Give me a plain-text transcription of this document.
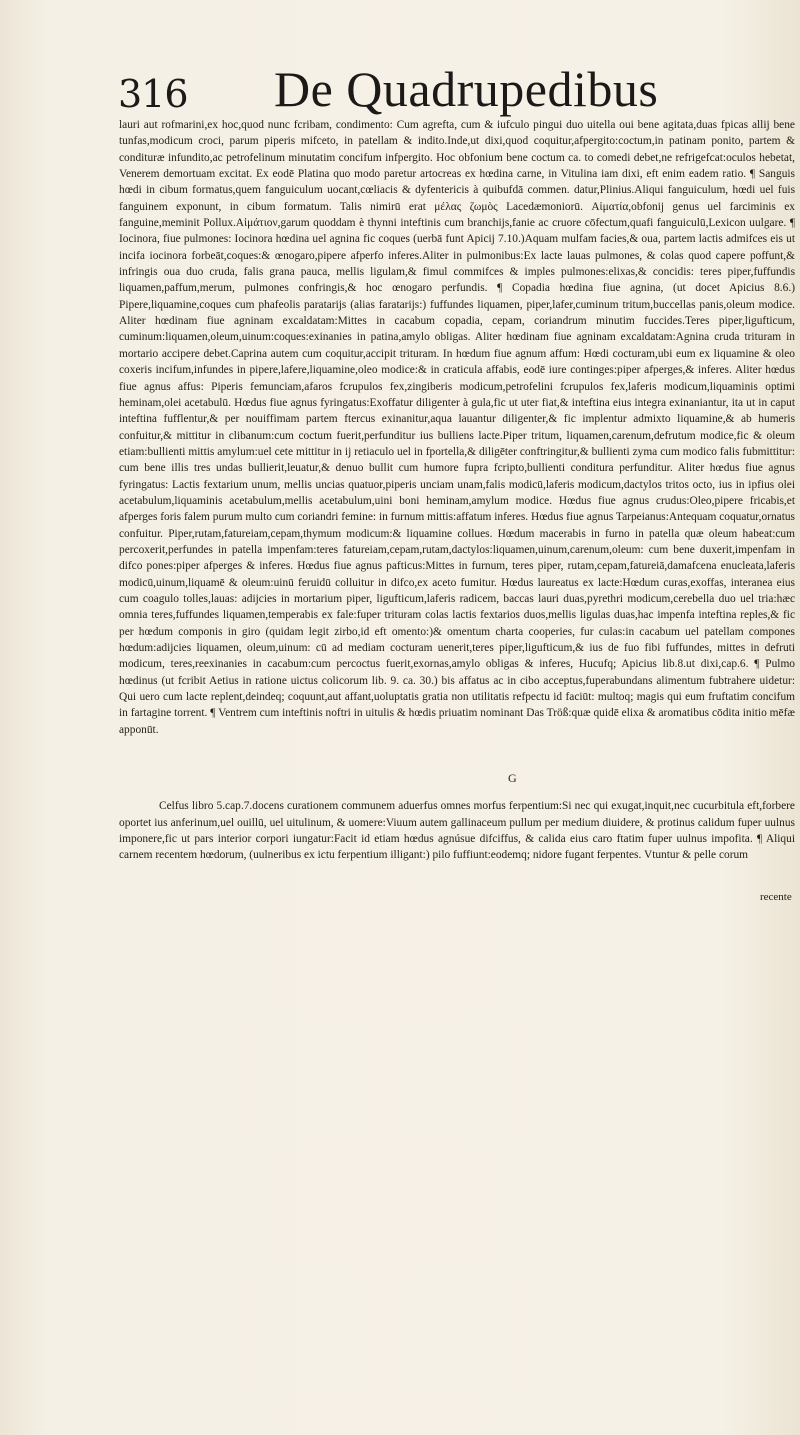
316 De Quadrupedibus

lauri aut rofmarini,ex hoc,quod nunc fcribam, condimento: Cum agrefta, cum & iufculo pingui duo uitella oui bene agitata,duas fpicas allij bene tunfas,modicum croci, parum piperis mifceto, in patellam & indito.Inde,ut dixi,quod coquitur,afpergito:coctum,in patinam ponito, partem & condituræ infundito,ac petrofelinum minutatim concifum infpergito. Hoc obfonium bene coctum ca. to comedi debet,ne refrigefcat:oculos hebetat, Venerem demortuam excitat. Ex eodē Platina quo modo paretur artocreas ex hœdina carne, in Vitulina iam dixi, eft enim eadem ratio. ¶ Sanguis hœdi in cibum formatus,quem fanguiculum uocant,cœliacis & dyfentericis à quibufdā commen. datur,Plinius.Aliqui fanguiculum, hœdi uel fuis fanguinem exponunt, in cibum formatum. Talis nimirū erat μέλας ζωμὸς Lacedæmoniorū. Αἱματία,obfonij genus uel farciminis ex fanguine,meminit Pollux.Αἱμάτιον,garum quoddam è thynni inteftinis cum branchijs,fanie ac cruore cōfectum,quafi fanguiculū,Lexicon uulgare. ¶ Iocinora, fiue pulmones: Iocinora hœdina uel agnina fic coques (uerbā funt Apicij 7.10.)Aquam mulfam facies,& oua, partem lactis admifces eis ut incifa iocinora forbeāt,coques:& œnogaro,pipere afperfo inferes.Aliter in pulmonibus:Ex lacte lauas pulmones, & colas quod capere poffunt,& infringis oua duo cruda, falis grana pauca, mellis ligulam,& fimul commifces & imples pulmones:elixas,& concidis: teres piper,fuffundis liquamen,paffum,merum, pulmones confringis,& hoc œnogaro perfundis. ¶ Copadia hœdina fiue agnina, (ut docet Apicius 8.6.) Pipere,liquamine,coques cum phafeolis paratarijs (alias faratarijs:) fuffundes liquamen, piper,lafer,cuminum tritum,buccellas panis,oleum modice. Aliter hœdinam fiue agninam excaldatam:Mittes in cacabum copadia, cepam, coriandrum minutim fuccides.Teres piper,ligufticum, cuminum:liquamen,oleum,uinum:coques:exinanies in patina,amylo obligas. Aliter hœdinam fiue agninam excaldatam:Agnina cruda trituram in mortario accipere debet.Caprina autem cum coquitur,accipit trituram. In hœdum fiue agnum affum: Hœdi cocturam,ubi eum ex liquamine & oleo coxeris incifum,infundes in pipere,lafere,liquamine,oleo modice:& in craticula affabis, eodē iure continges:piper afperges,& inferes. Aliter hœdus fiue agnus affus: Piperis femunciam,afaros fcrupulos fex,zingiberis modicum,petrofelini fcrupulos fex,laferis modicum,liquaminis optimi heminam,olei acetabulū. Hœdus fiue agnus fyringatus:Exoffatur diligenter à gula,fic ut uter fiat,& inteftina eius integra exinaniantur, ita ut in caput inteftina fufflentur,& per nouiffimam partem ftercus exinanitur,aqua lauantur diligenter,& fic implentur admixto liquamine,& ab humeris confuitur,& mittitur in clibanum:cum coctum fuerit,perfunditur ius bulliens lacte.Piper tritum, liquamen,carenum,defrutum modice,fic & oleum etiam:bullienti mittis amylum:uel cete mittitur in ij retiaculo uel in fportella,& diligēter conftringitur,& bullienti zyma cum modico falis fubmittitur: cum bene illis tres undas bullierit,leuatur,& denuo bullit cum humore fupra fcripto,bullienti conditura perfunditur. Aliter hœdus fiue agnus fyringatus: Lactis fextarium unum, mellis uncias quatuor,piperis unciam unam,falis modicū,laferis modicum,dactylos tritos octo, ius in ipfius olei acetabulum,liquaminis acetabulum,mellis acetabulum,uini boni heminam,amylum modice. Hœdus fiue agnus crudus:Oleo,pipere fricabis,et afperges foris falem purum multo cum coriandri femine: in furnum mittis:affatum inferes. Hœdus fiue agnus Tarpeianus:Antequam coquatur,ornatus confuitur. Piper,rutam,fatureiam,cepam,thymum modicum:& liquamine collues. Hœdum macerabis in furno in patella quæ oleum habeat:cum percoxerit,perfundes in patella impenfam:teres fatureiam,cepam,rutam,dactylos:liquamen,uinum,carenum,oleum: cum bene duxerit,impenfam in difco pones:piper afperges & inferes. Hœdus fiue agnus pafticus:Mittes in furnum, teres piper, rutam,cepam,fatureiā,damafcena enucleata,laferis modicū,uinum,liquamē & oleum:uinū feruidū colluitur in difco,ex aceto fumitur. Hœdus laureatus ex lacte:Hœdum curas,exoffas, interanea eius cum coagulo tolles,lauas: adijcies in mortarium piper, ligufticum,laferis radicem, baccas lauri duas,pyrethri modicum,cerebella duo uel tria:hæc omnia teres,fuffundes liquamen,temperabis ex fale:fuper trituram colas lactis fextarios duos,mellis ligulas duas,hac impenfa inteftina reples,& fic per hœdum componis in giro (quidam legit zirbo,id eft omento:)& omentum charta cooperies, fur culas:in cacabum uel patellam compones hœdum:adijcies liquamen, oleum,uinum: cū ad mediam cocturam uenerit,teres piper,ligufticum,& ius de fuo fibi fuffundes, mittes in defruti modicum, teres,reexinanies in cacabum:cum percoctus fuerit,exornas,amylo obligas & inferes, Hucufq; Apicius lib.8.ut dixi,cap.6. ¶ Pulmo hœdinus (ut fcribit Aetius in ratione uictus colicorum lib. 9. ca. 30.) bis affatus ac in cibo acceptus,fuperabundans alimentum fubtrahere uidetur: Qui uero cum lacte replent,deindeq; coquunt,aut affant,uoluptatis gratia non utilitatis refpectu id faciūt: multoq; magis qui eum fruftatim concifum in fartagine torrent. ¶ Ventrem cum inteftinis noftri in uitulis & hœdis priuatim nominant Das Tröß:quæ quidē elixa & aromatibus cōdita initio mēfæ apponūt.

G

Celfus libro 5.cap.7.docens curationem communem aduerfus omnes morfus ferpentium:Si nec qui exugat,inquit,nec cucurbitula eft,forbere oportet ius anferinum,uel ouillū, uel uitulinum, & uomere:Viuum autem gallinaceum pullum per medium diuidere, & protinus calidum fuper uulnus imponere,fic ut pars interior corpori iungatur:Facit id etiam hœdus agnúsue difciffus, & calida eius caro ftatim fuper uulnus impofita. ¶ Aliqui carnem recentem hœdorum, (uulneribus ex ictu ferpentium illigant:) pilo fuffiunt:eodemq; nidore fugant ferpentes. Vtuntur & pelle corum

recente
